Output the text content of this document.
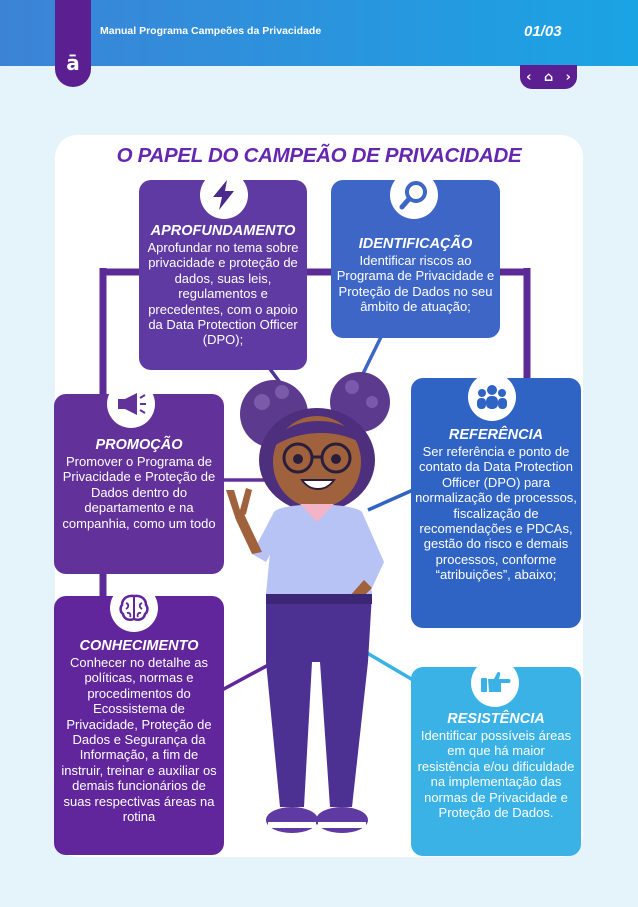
Manual Programa Campeões da Privacidade	01/03
ā
‹ ⌂ ›
O PAPEL DO CAMPEÃO DE PRIVACIDADE
APROFUNDAMENTO

Aprofundar no tema sobre privacidade e proteção de dados, suas leis, regulamentos e precedentes, com o apoio da Data Protection Officer (DPO);

IDENTIFICAÇÃO

Identificar riscos ao Programa de Privacidade e Proteção de Dados no seu âmbito de atuação;

PROMOÇÃO

Promover o Programa de Privacidade e Proteção de Dados dentro do departamento e na companhia, como um todo

REFERÊNCIA

Ser referência e ponto de contato da Data Protection Officer (DPO) para normalização de processos, fiscalização de recomendações e PDCAs, gestão do risco e demais processos, conforme “atribuições”, abaixo;

CONHECIMENTO

Conhecer no detalhe as políticas, normas e procedimentos do Ecossistema de Privacidade, Proteção de Dados e Segurança da Informação, a fim de instruir, treinar e auxiliar os demais funcionários de suas respectivas áreas na rotina

RESISTÊNCIA

Identificar possíveis áreas em que há maior resistência e/ou dificuldade na implementação das normas de Privacidade e Proteção de Dados.
